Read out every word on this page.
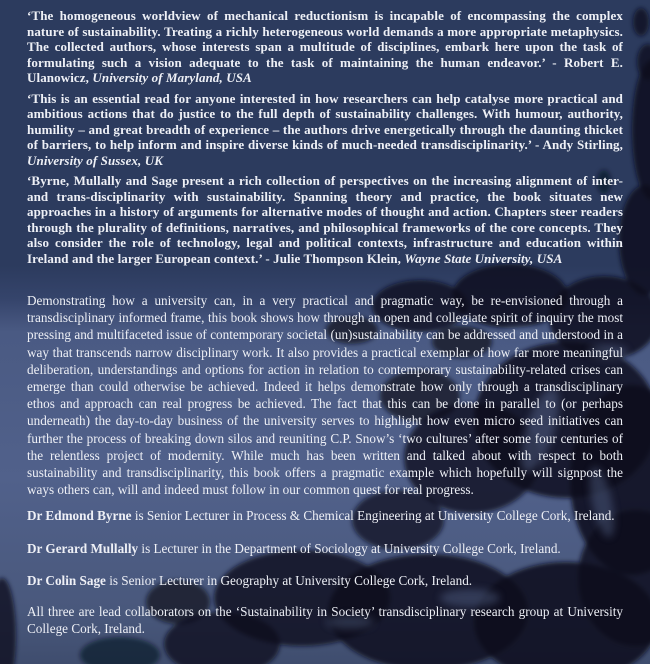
‘The homogeneous worldview of mechanical reductionism is incapable of encompassing the complex nature of sustainability. Treating a richly heterogeneous world demands a more appropriate metaphysics. The collected authors, whose interests span a multitude of disciplines, embark here upon the task of formulating such a vision adequate to the task of maintaining the human endeavor.’ - Robert E. Ulanowicz, University of Maryland, USA

‘This is an essential read for anyone interested in how researchers can help catalyse more practical and ambitious actions that do justice to the full depth of sustainability challenges. With humour, authority, humility – and great breadth of experience – the authors drive energetically through the daunting thicket of barriers, to help inform and inspire diverse kinds of much-needed transdisciplinarity.’ - Andy Stirling, University of Sussex, UK

‘Byrne, Mullally and Sage present a rich collection of perspectives on the increasing alignment of inter- and trans-disciplinarity with sustainability. Spanning theory and practice, the book situates new approaches in a history of arguments for alternative modes of thought and action. Chapters steer readers through the plurality of definitions, narratives, and philosophical frameworks of the core concepts. They also consider the role of technology, legal and political contexts, infrastructure and education within Ireland and the larger European context.’ - Julie Thompson Klein, Wayne State University, USA

Demonstrating how a university can, in a very practical and pragmatic way, be re-envisioned through a transdisciplinary informed frame, this book shows how through an open and collegiate spirit of inquiry the most pressing and multifaceted issue of contemporary societal (un)sustainability can be addressed and understood in a way that transcends narrow disciplinary work. It also provides a practical exemplar of how far more meaningful deliberation, understandings and options for action in relation to contemporary sustainability-related crises can emerge than could otherwise be achieved. Indeed it helps demonstrate how only through a transdisciplinary ethos and approach can real progress be achieved. The fact that this can be done in parallel to (or perhaps underneath) the day-to-day business of the university serves to highlight how even micro seed initiatives can further the process of breaking down silos and reuniting C.P. Snow’s ‘two cultures’ after some four centuries of the relentless project of modernity. While much has been written and talked about with respect to both sustainability and transdisciplinarity, this book offers a pragmatic example which hopefully will signpost the ways others can, will and indeed must follow in our common quest for real progress.

Dr Edmond Byrne is Senior Lecturer in Process & Chemical Engineering at University College Cork, Ireland.

Dr Gerard Mullally is Lecturer in the Department of Sociology at University College Cork, Ireland.

Dr Colin Sage is Senior Lecturer in Geography at University College Cork, Ireland.

All three are lead collaborators on the ‘Sustainability in Society’ transdisciplinary research group at University College Cork, Ireland.
